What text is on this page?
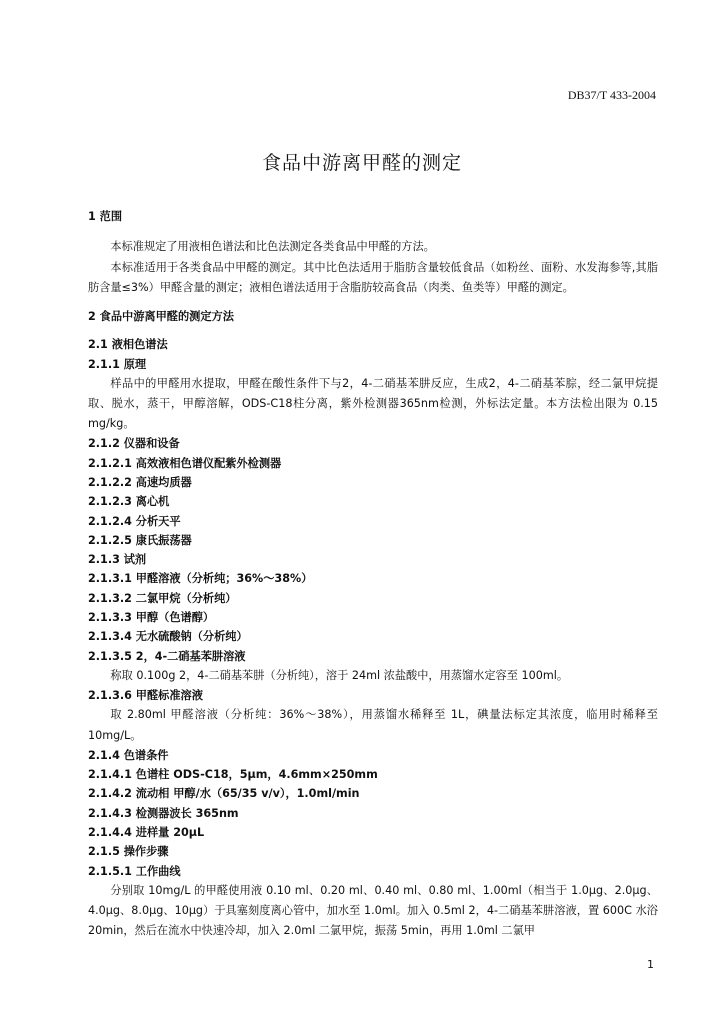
DB37/T 433-2004
食品中游离甲醛的测定
1 范围
本标准规定了用液相色谱法和比色法测定各类食品中甲醛的方法。
本标准适用于各类食品中甲醛的测定。其中比色法适用于脂肪含量较低食品（如粉丝、面粉、水发海参等,其脂肪含量≤3%）甲醛含量的测定；液相色谱法适用于含脂肪较高食品（肉类、鱼类等）甲醛的测定。
2 食品中游离甲醛的测定方法
2.1 液相色谱法
2.1.1 原理
样品中的甲醛用水提取，甲醛在酸性条件下与2，4-二硝基苯肼反应，生成2，4-二硝基苯腙，经二氯甲烷提取、脱水，蒸干，甲醇溶解，ODS-C18柱分离，紫外检测器365nm检测，外标法定量。本方法检出限为 0.15 mg/kg。
2.1.2 仪器和设备
2.1.2.1 高效液相色谱仪配紫外检测器
2.1.2.2 高速均质器
2.1.2.3 离心机
2.1.2.4 分析天平
2.1.2.5 康氏振荡器
2.1.3 试剂
2.1.3.1 甲醛溶液（分析纯；36%～38%）
2.1.3.2 二氯甲烷（分析纯）
2.1.3.3 甲醇（色谱醇）
2.1.3.4 无水硫酸钠（分析纯）
2.1.3.5 2，4-二硝基苯肼溶液
称取 0.100g 2，4-二硝基苯肼（分析纯），溶于 24ml 浓盐酸中，用蒸馏水定容至 100ml。
2.1.3.6 甲醛标准溶液
取 2.80ml 甲醛溶液（分析纯：36%～38%），用蒸馏水稀释至 1L，碘量法标定其浓度，临用时稀释至 10mg/L。
2.1.4 色谱条件
2.1.4.1 色谱柱 ODS-C18，5μm，4.6mm×250mm
2.1.4.2 流动相 甲醇/水（65/35 v/v），1.0ml/min
2.1.4.3 检测器波长 365nm
2.1.4.4 进样量 20μL
2.1.5 操作步骤
2.1.5.1 工作曲线
分别取 10mg/L 的甲醛使用液 0.10 ml、0.20 ml、0.40 ml、0.80 ml、1.00ml（相当于 1.0μg、2.0μg、4.0μg、8.0μg、10μg）于具塞刻度离心管中，加水至 1.0ml。加入 0.5ml 2，4-二硝基苯肼溶液，置 600C 水浴 20min，然后在流水中快速冷却，加入 2.0ml 二氯甲烷，振荡 5min，再用 1.0ml 二氯甲
1
